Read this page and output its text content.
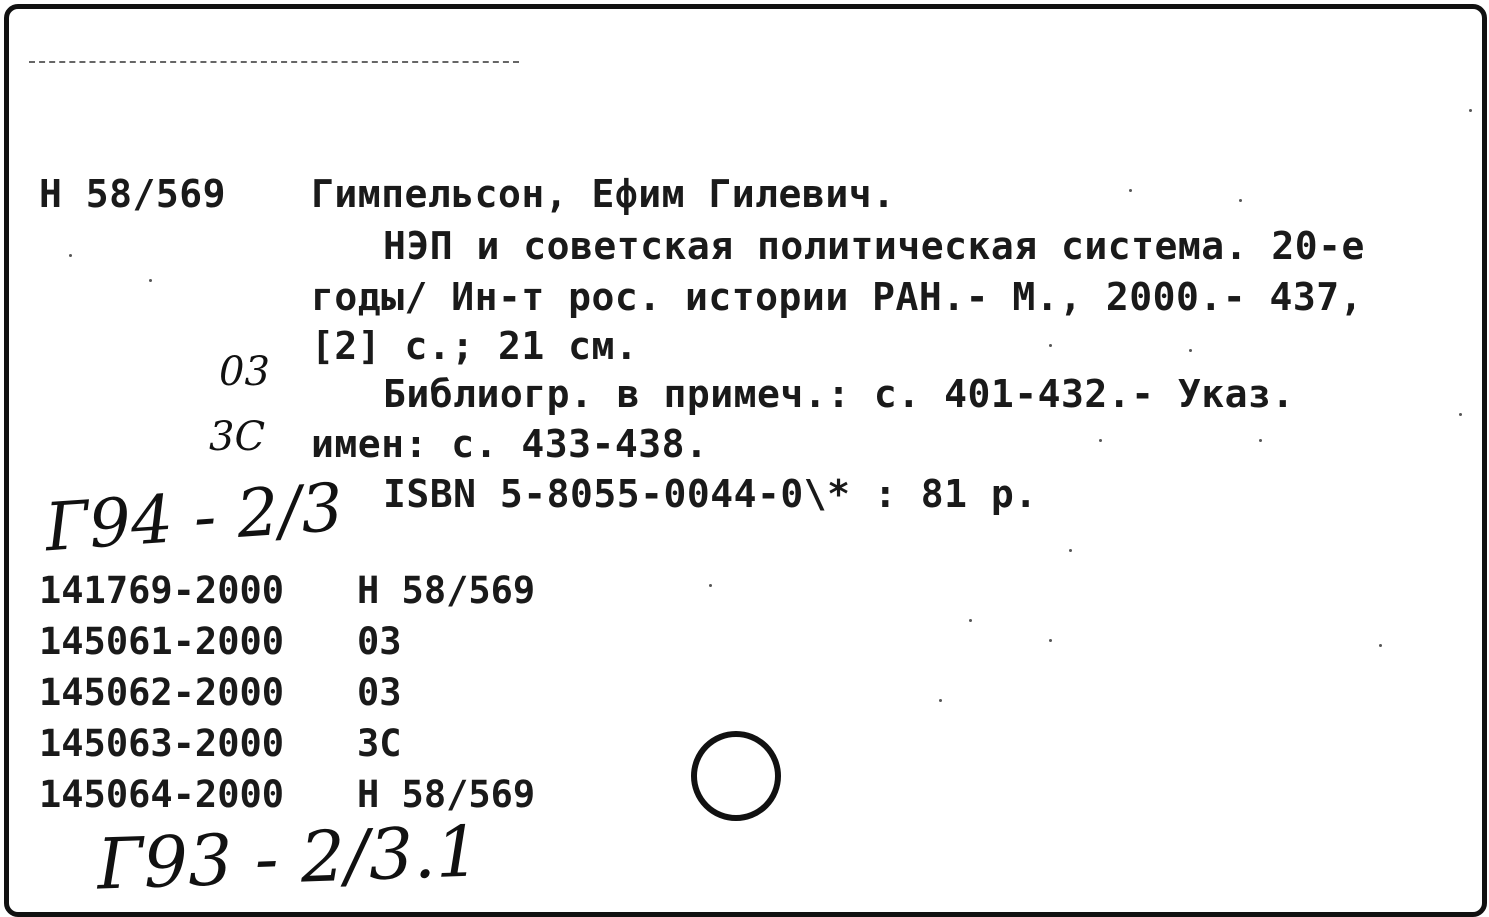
Н 58/569 Гимпельсон, Ефим Гилевич.
НЭП и советская политическая система. 20-е
годы/ Ин-т рос. истории РАН.- М., 2000.- 437,
[2] с.; 21 см.
Библиогр. в примеч.: с. 401-432.- Указ.
имен: с. 433-438.
ISBN 5-8055-0044-0\* : 81 р.
03
3С
Г94 - 2/3
Г93 - 2/3.1
141769-2000	Н 58/569
145061-2000	03
145062-2000	03
145063-2000	3С
145064-2000	Н 58/569
